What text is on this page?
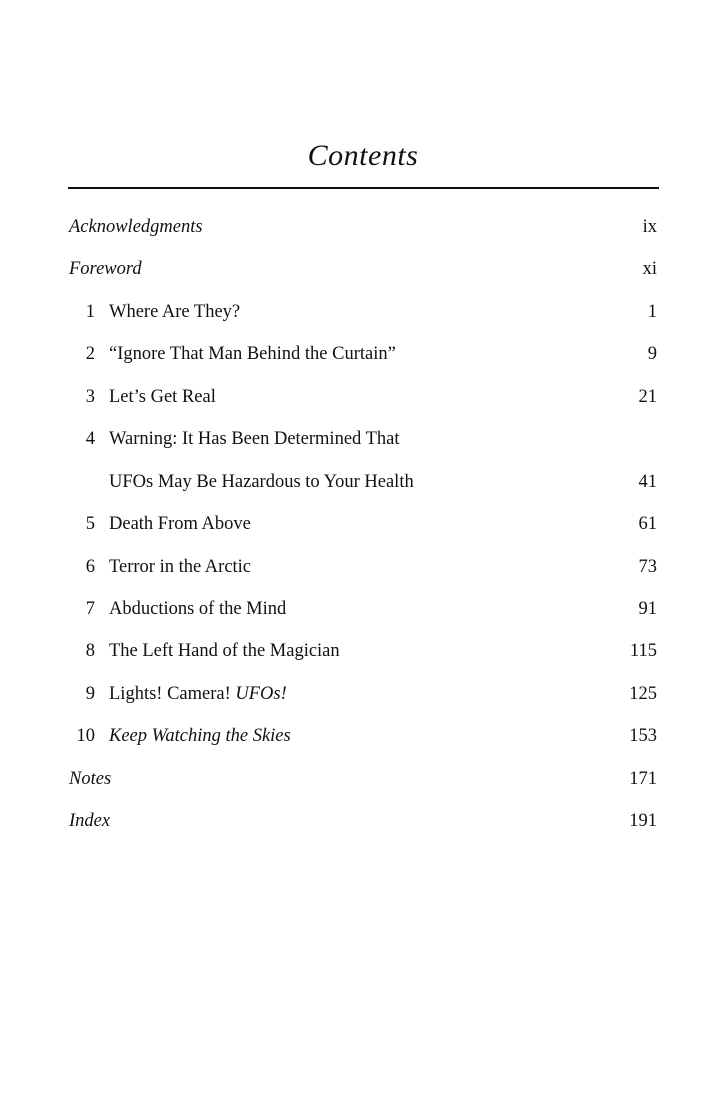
Contents
Acknowledgments	ix
Foreword	xi
1 Where Are They?	1
2 “Ignore That Man Behind the Curtain”	9
3 Let’s Get Real	21
4 Warning: It Has Been Determined That
UFOs May Be Hazardous to Your Health	41
5 Death From Above	61
6 Terror in the Arctic	73
7 Abductions of the Mind	91
8 The Left Hand of the Magician	115
9 Lights! Camera! UFOs!	125
10 Keep Watching the Skies	153
Notes	171
Index	191
